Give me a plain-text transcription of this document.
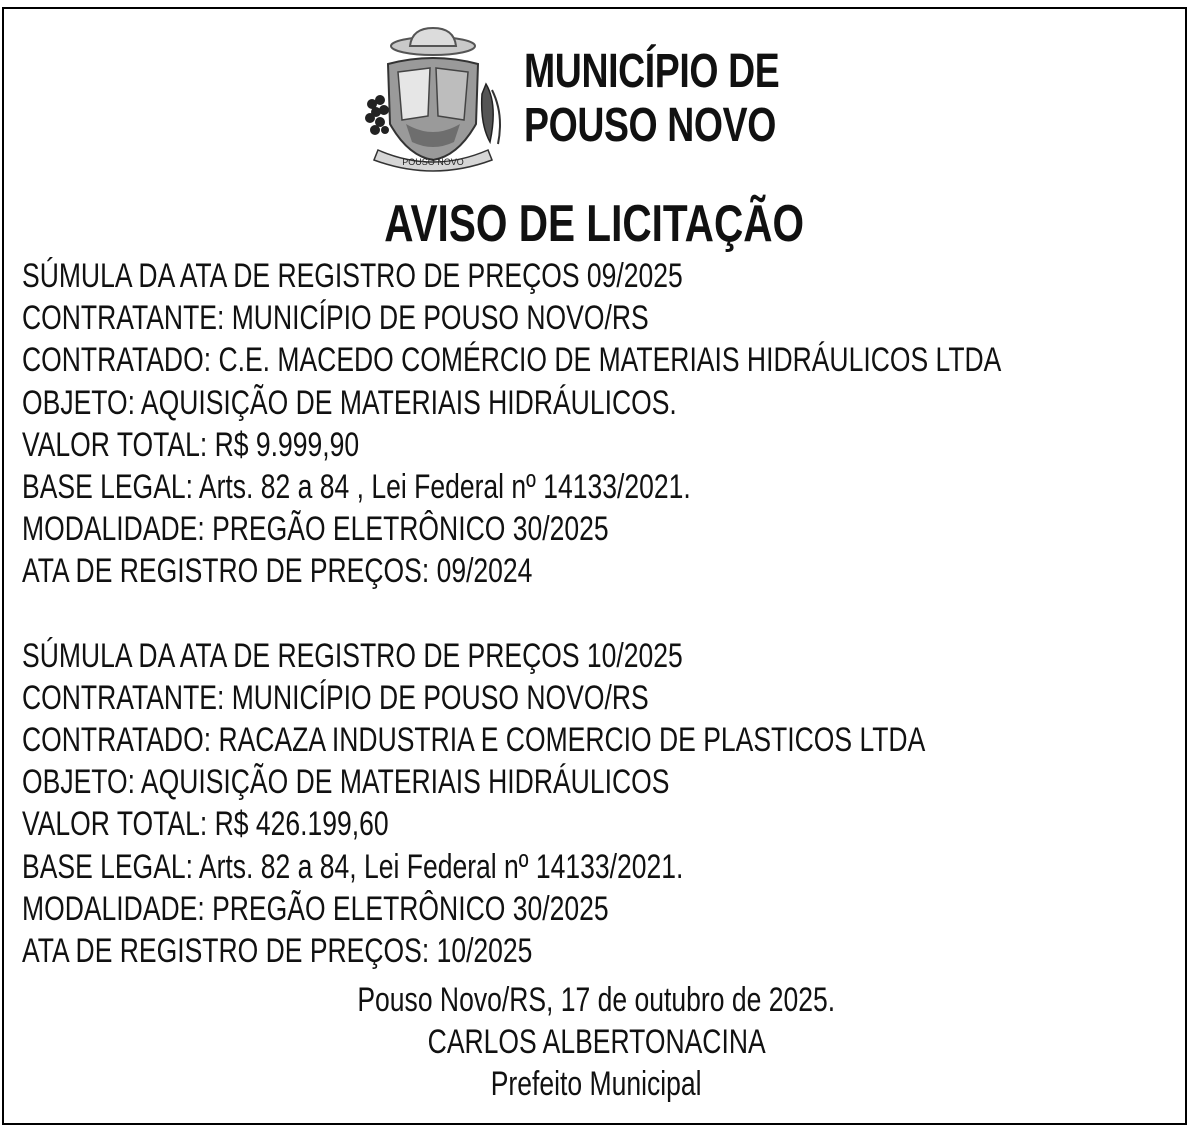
POUSO NOVO
MUNICÍPIO DE
POUSO NOVO
AVISO DE LICITAÇÃO
SÚMULA DA ATA DE REGISTRO DE PREÇOS 09/2025
CONTRATANTE: MUNICÍPIO DE POUSO NOVO/RS
CONTRATADO: C.E. MACEDO COMÉRCIO DE MATERIAIS HIDRÁULICOS LTDA
OBJETO: AQUISIÇÃO DE MATERIAIS HIDRÁULICOS.
VALOR TOTAL: R$ 9.999,90
BASE LEGAL: Arts. 82 a 84 , Lei Federal nº 14133/2021.
MODALIDADE: PREGÃO ELETRÔNICO 30/2025
ATA DE REGISTRO DE PREÇOS: 09/2024
SÚMULA DA ATA DE REGISTRO DE PREÇOS 10/2025
CONTRATANTE: MUNICÍPIO DE POUSO NOVO/RS
CONTRATADO: RACAZA INDUSTRIA E COMERCIO DE PLASTICOS LTDA
OBJETO: AQUISIÇÃO DE MATERIAIS HIDRÁULICOS
VALOR TOTAL: R$ 426.199,60
BASE LEGAL: Arts. 82 a 84, Lei Federal nº 14133/2021.
MODALIDADE: PREGÃO ELETRÔNICO 30/2025
ATA DE REGISTRO DE PREÇOS: 10/2025
Pouso Novo/RS, 17 de outubro de 2025.
CARLOS ALBERTONACINA
Prefeito Municipal
